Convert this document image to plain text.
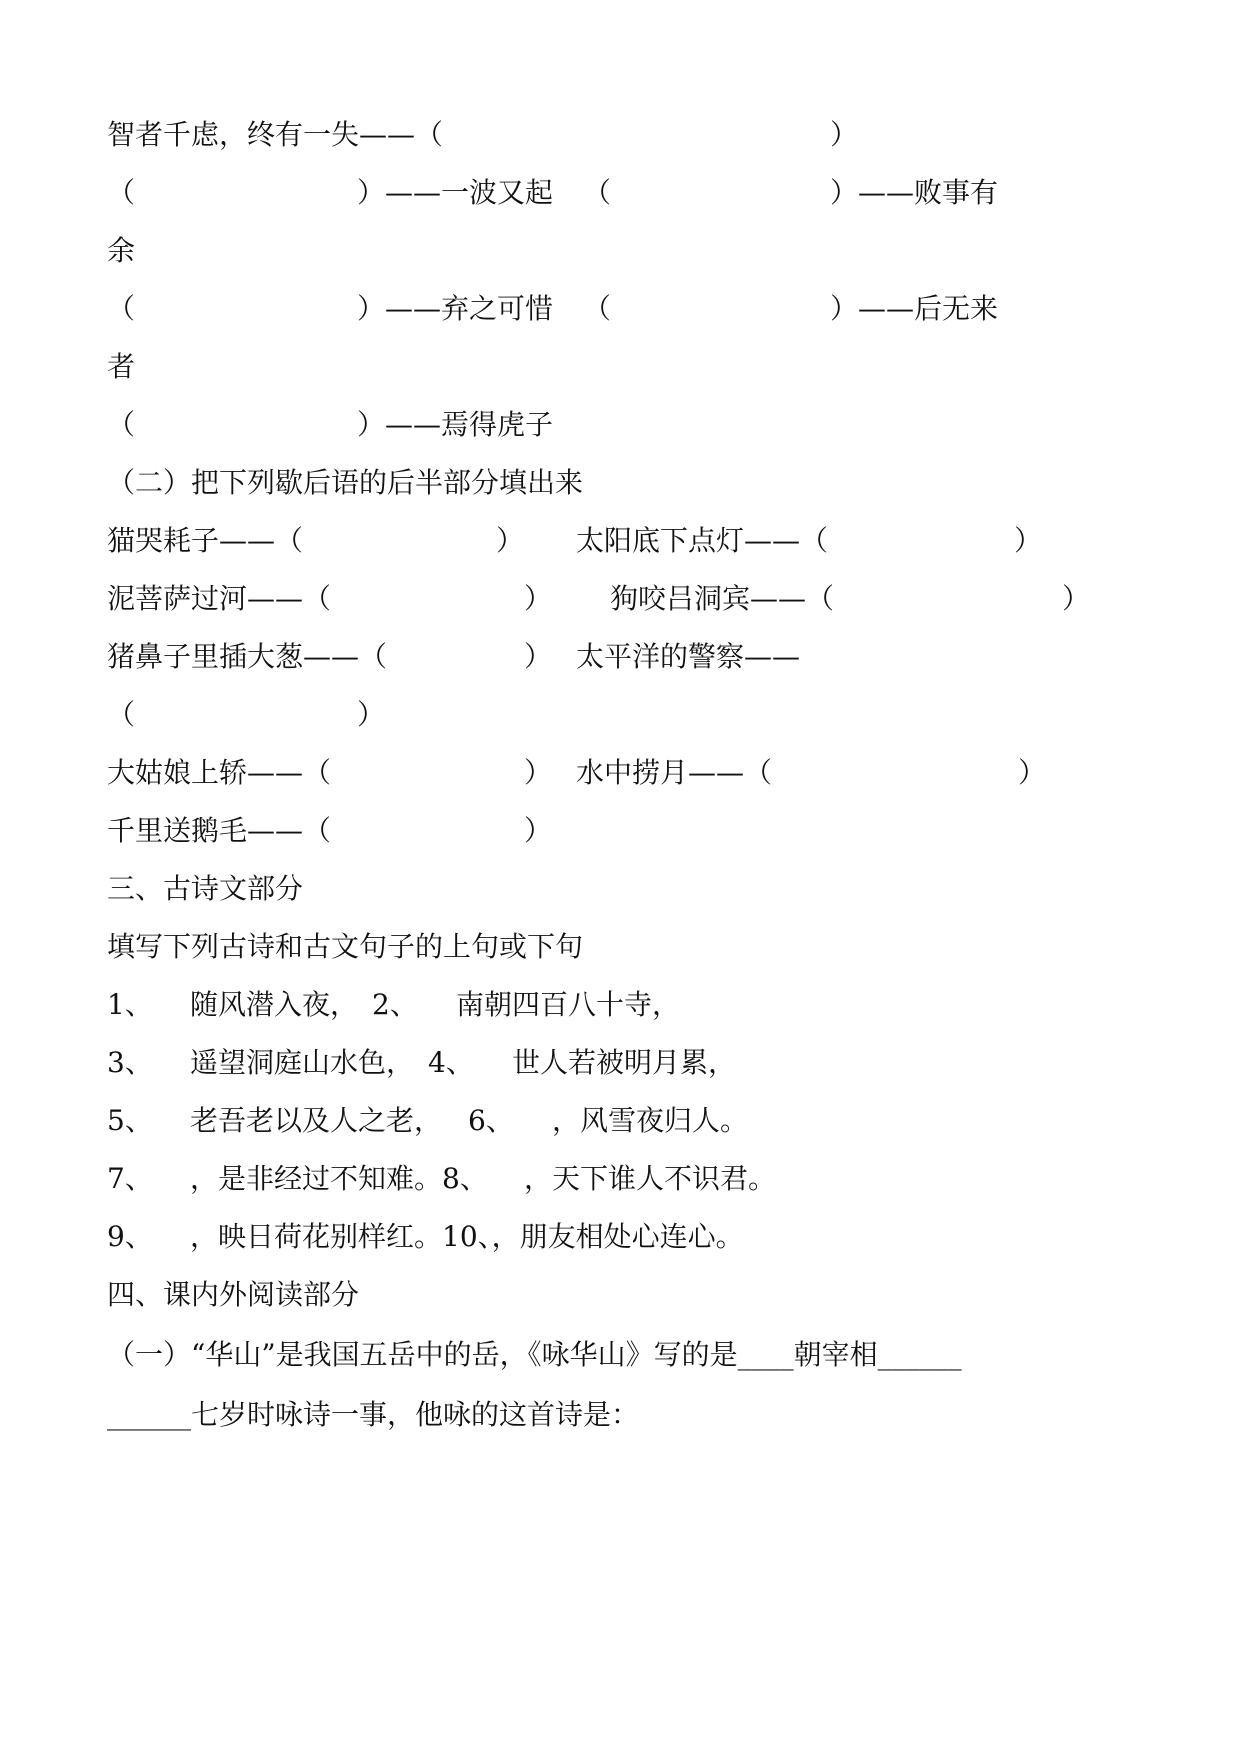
智者千虑，终有一失——（	）
（	）——一波又起 （	）——败事有
余
（	）——弃之可惜 （	）——后无来
者
（	）——焉得虎子
（二）把下列歇后语的后半部分填出来
猫哭耗子——（	） 太阳底下点灯——（	）
泥菩萨过河——（	） 狗咬吕洞宾——（	）
猪鼻子里插大葱——（	） 太平洋的警察——
（	）
大姑娘上轿——（	） 水中捞月——（	）
千里送鹅毛——（	）
三、古诗文部分
填写下列古诗和古文句子的上句或下句
1、 随风潜入夜， 2、 南朝四百八十寺，
3、 遥望洞庭山水色， 4、 世人若被明月累，
5、 老吾老以及人之老， 6、 ，风雪夜归人。
7、 ，是非经过不知难。8、 ，天下谁人不识君。
9、 ，映日荷花别样红。10、，朋友相处心连心。
四、课内外阅读部分
（一）“华山”是我国五岳中的岳，《咏华山》写的是____朝宰相______
______七岁时咏诗一事，他咏的这首诗是：
